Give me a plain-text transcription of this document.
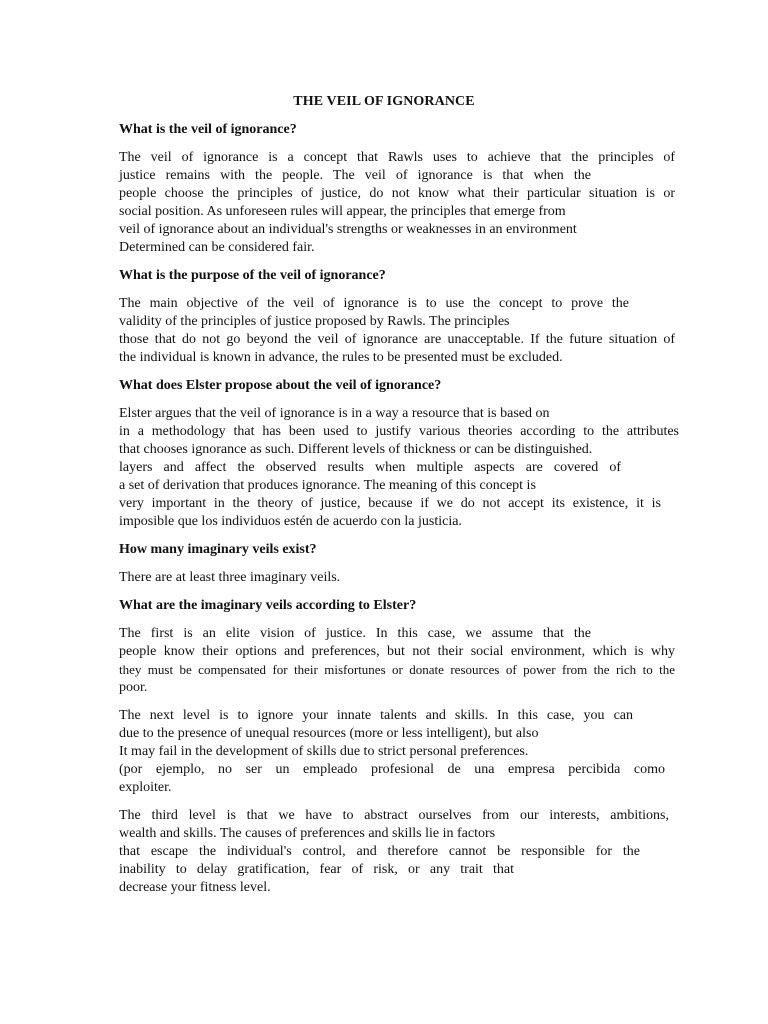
THE VEIL OF IGNORANCE
What is the veil of ignorance?
The veil of ignorance is a concept that Rawls uses to achieve that the principles of
justice remains with the people. The veil of ignorance is that when the
people choose the principles of justice, do not know what their particular situation is or
social position. As unforeseen rules will appear, the principles that emerge from
veil of ignorance about an individual's strengths or weaknesses in an environment
Determined can be considered fair.
What is the purpose of the veil of ignorance?
The main objective of the veil of ignorance is to use the concept to prove the
validity of the principles of justice proposed by Rawls. The principles
those that do not go beyond the veil of ignorance are unacceptable. If the future situation of
the individual is known in advance, the rules to be presented must be excluded.
What does Elster propose about the veil of ignorance?
Elster argues that the veil of ignorance is in a way a resource that is based on
in a methodology that has been used to justify various theories according to the attributes
that chooses ignorance as such. Different levels of thickness or can be distinguished.
layers and affect the observed results when multiple aspects are covered of
a set of derivation that produces ignorance. The meaning of this concept is
very important in the theory of justice, because if we do not accept its existence, it is
imposible que los individuos estén de acuerdo con la justicia.
How many imaginary veils exist?
There are at least three imaginary veils.
What are the imaginary veils according to Elster?
The first is an elite vision of justice. In this case, we assume that the
people know their options and preferences, but not their social environment, which is why
they must be compensated for their misfortunes or donate resources of power from the rich to the
poor.
The next level is to ignore your innate talents and skills. In this case, you can
due to the presence of unequal resources (more or less intelligent), but also
It may fail in the development of skills due to strict personal preferences.
(por ejemplo, no ser un empleado profesional de una empresa percibida como
exploiter.
The third level is that we have to abstract ourselves from our interests, ambitions,
wealth and skills. The causes of preferences and skills lie in factors
that escape the individual's control, and therefore cannot be responsible for the
inability to delay gratification, fear of risk, or any trait that
decrease your fitness level.
